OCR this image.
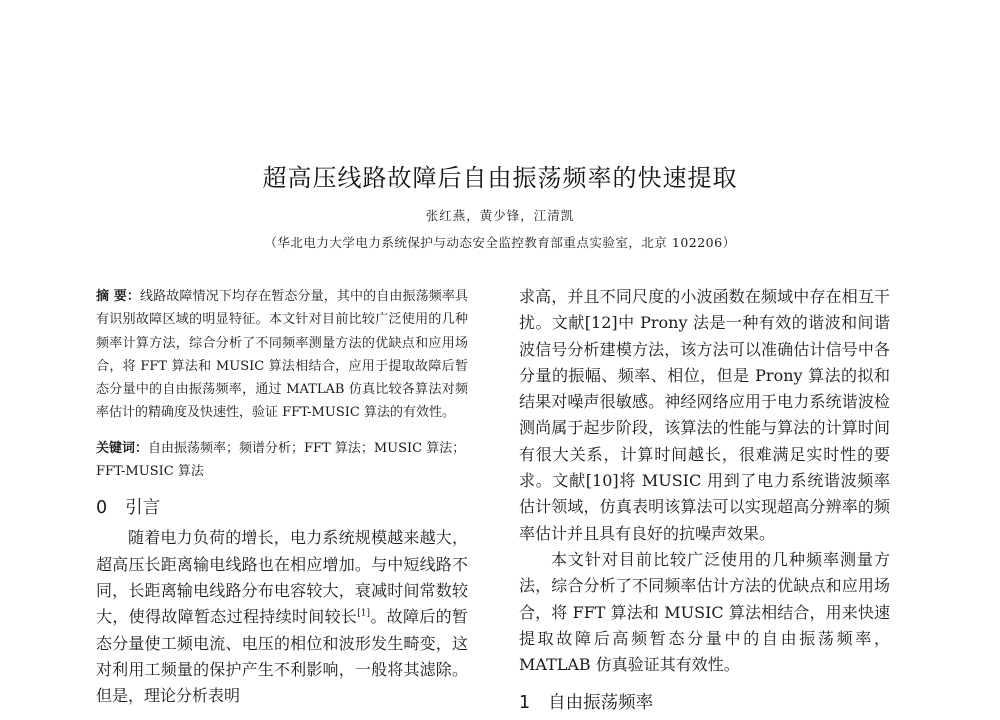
超高压线路故障后自由振荡频率的快速提取
张红燕，黄少锋，江清凯
（华北电力大学电力系统保护与动态安全监控教育部重点实验室，北京 102206）

摘 要：线路故障情况下均存在暂态分量，其中的自由振荡频率具有识别故障区域的明显特征。本文针对目前比较广泛使用的几种频率计算方法，综合分析了不同频率测量方法的优缺点和应用场合，将 FFT 算法和 MUSIC 算法相结合，应用于提取故障后暂态分量中的自由振荡频率，通过 MATLAB 仿真比较各算法对频率估计的精确度及快速性，验证 FFT-MUSIC 算法的有效性。

关键词：自由振荡频率；频谱分析；FFT 算法；MUSIC 算法；FFT-MUSIC 算法

0 引言

随着电力负荷的增长，电力系统规模越来越大，超高压长距离输电线路也在相应增加。与中短线路不同，长距离输电线路分布电容较大，衰减时间常数较大，使得故障暂态过程持续时间较长[1]。故障后的暂态分量使工频电流、电压的相位和波形发生畸变，这对利用工频量的保护产生不利影响，一般将其滤除。但是，理论分析表明

求高，并且不同尺度的小波函数在频域中存在相互干扰。文献[12]中 Prony 法是一种有效的谐波和间谐波信号分析建模方法，该方法可以准确估计信号中各分量的振幅、频率、相位，但是 Prony 算法的拟和结果对噪声很敏感。神经网络应用于电力系统谐波检测尚属于起步阶段，该算法的性能与算法的计算时间有很大关系，计算时间越长，很难满足实时性的要求。文献[10]将 MUSIC 用到了电力系统谐波频率估计领域，仿真表明该算法可以实现超高分辨率的频率估计并且具有良好的抗噪声效果。

本文针对目前比较广泛使用的几种频率测量方法，综合分析了不同频率估计方法的优缺点和应用场合，将 FFT 算法和 MUSIC 算法相结合，用来快速提取故障后高频暂态分量中的自由振荡频率，MATLAB 仿真验证其有效性。

1 自由振荡频率
